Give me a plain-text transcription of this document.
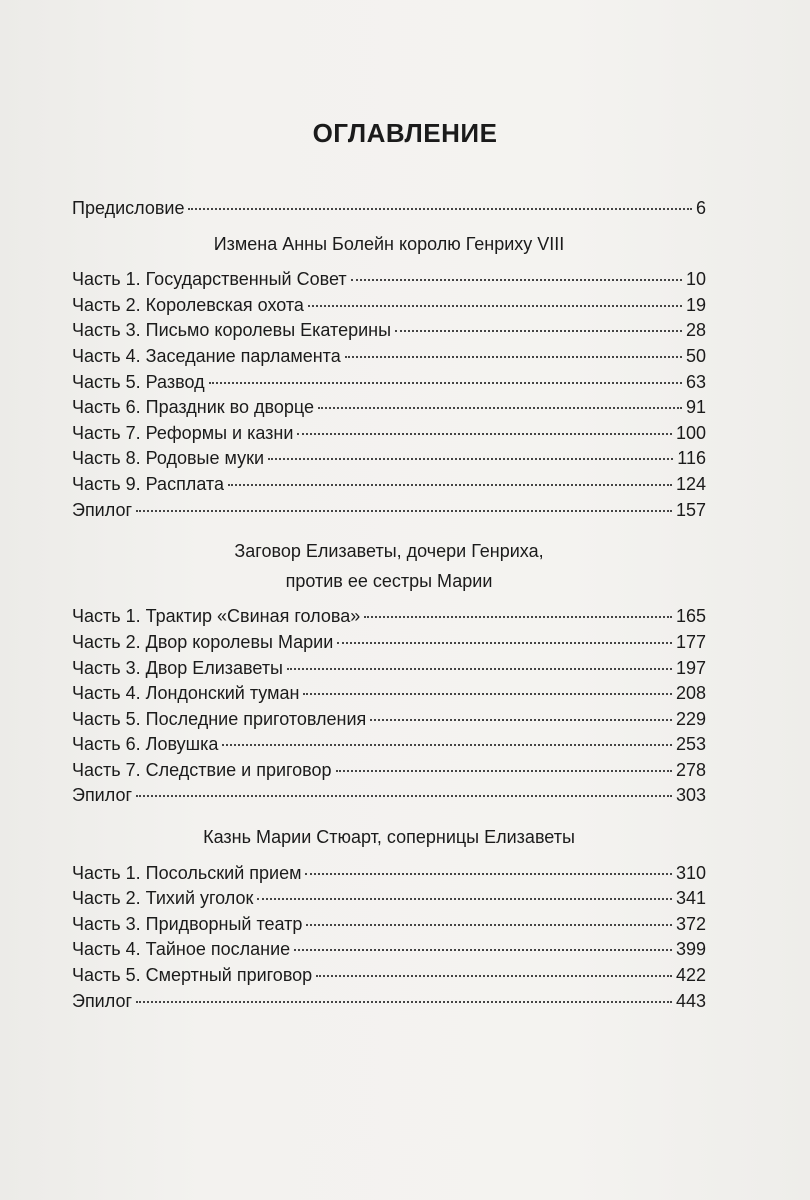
ОГЛАВЛЕНИЕ
Предисловие	6
Измена Анны Болейн королю Генриху VIII
Часть 1. Государственный Совет	10
Часть 2. Королевская охота	19
Часть 3. Письмо королевы Екатерины	28
Часть 4. Заседание парламента	50
Часть 5. Развод	63
Часть 6. Праздник во дворце	91
Часть 7. Реформы и казни	100
Часть 8. Родовые муки	116
Часть 9. Расплата	124
Эпилог	157
Заговор Елизаветы, дочери Генриха,
против ее сестры Марии
Часть 1. Трактир «Свиная голова»	165
Часть 2. Двор королевы Марии	177
Часть 3. Двор Елизаветы	197
Часть 4. Лондонский туман	208
Часть 5. Последние приготовления	229
Часть 6. Ловушка	253
Часть 7. Следствие и приговор	278
Эпилог	303
Казнь Марии Стюарт, соперницы Елизаветы
Часть 1. Посольский прием	310
Часть 2. Тихий уголок	341
Часть 3. Придворный театр	372
Часть 4. Тайное послание	399
Часть 5. Смертный приговор	422
Эпилог	443
